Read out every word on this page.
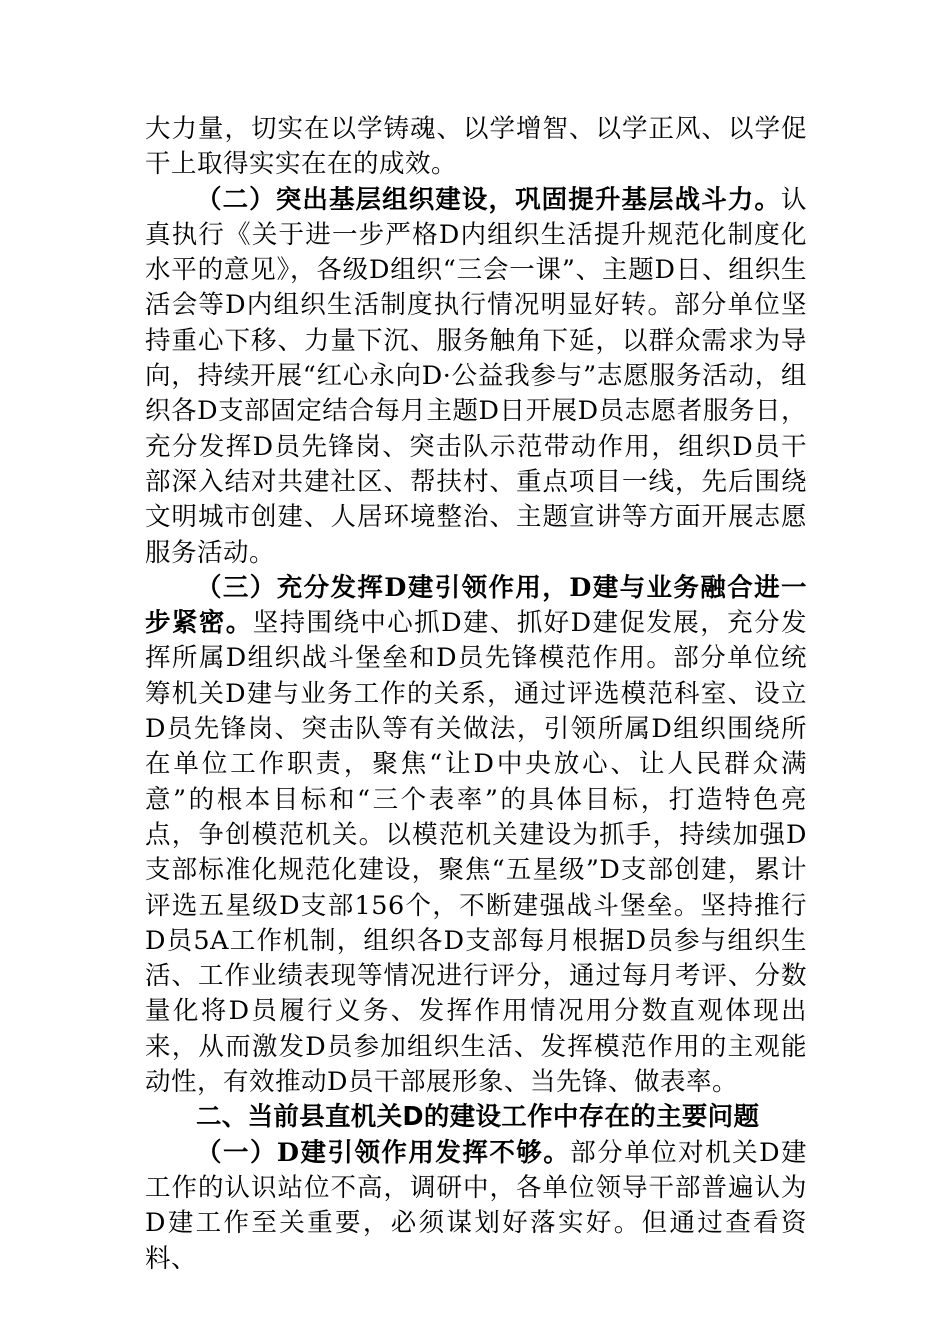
大力量，切实在以学铸魂、以学增智、以学正风、以学促干上取得实实在在的成效。

（二）突出基层组织建设，巩固提升基层战斗力。认真执行《关于进一步严格D内组织生活提升规范化制度化水平的意见》，各级D组织“三会一课”、主题D日、组织生活会等D内组织生活制度执行情况明显好转。部分单位坚持重心下移、力量下沉、服务触角下延，以群众需求为导向，持续开展“红心永向D·公益我参与”志愿服务活动，组织各D支部固定结合每月主题D日开展D员志愿者服务日，充分发挥D员先锋岗、突击队示范带动作用，组织D员干部深入结对共建社区、帮扶村、重点项目一线，先后围绕文明城市创建、人居环境整治、主题宣讲等方面开展志愿服务活动。

（三）充分发挥D建引领作用，D建与业务融合进一步紧密。坚持围绕中心抓D建、抓好D建促发展，充分发挥所属D组织战斗堡垒和D员先锋模范作用。部分单位统筹机关D建与业务工作的关系，通过评选模范科室、设立D员先锋岗、突击队等有关做法，引领所属D组织围绕所在单位工作职责，聚焦“让D中央放心、让人民群众满意”的根本目标和“三个表率”的具体目标，打造特色亮点，争创模范机关。以模范机关建设为抓手，持续加强D支部标准化规范化建设，聚焦“五星级”D支部创建，累计评选五星级D支部156个，不断建强战斗堡垒。坚持推行D员5A工作机制，组织各D支部每月根据D员参与组织生活、工作业绩表现等情况进行评分，通过每月考评、分数量化将D员履行义务、发挥作用情况用分数直观体现出来，从而激发D员参加组织生活、发挥模范作用的主观能动性，有效推动D员干部展形象、当先锋、做表率。

二、当前县直机关D的建设工作中存在的主要问题

（一）D建引领作用发挥不够。部分单位对机关D建工作的认识站位不高，调研中，各单位领导干部普遍认为D建工作至关重要，必须谋划好落实好。但通过查看资料、
